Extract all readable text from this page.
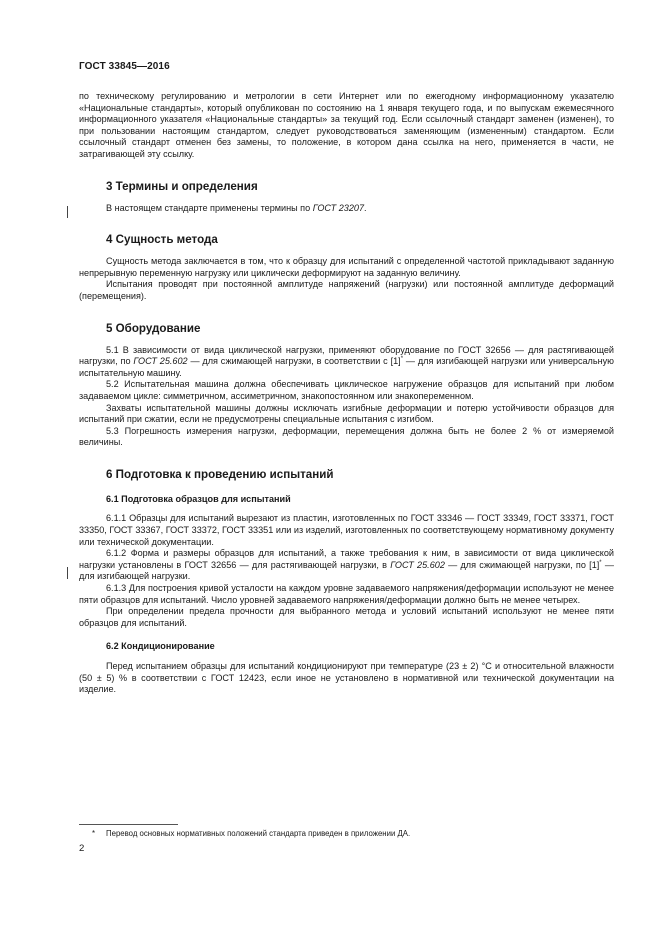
ГОСТ 33845—2016

по техническому регулированию и метрологии в сети Интернет или по ежегодному информационному указателю «Национальные стандарты», который опубликован по состоянию на 1 января текущего года, и по выпускам ежемесячного информационного указателя «Национальные стандарты» за текущий год. Если ссылочный стандарт заменен (изменен), то при пользовании настоящим стандартом, следует руководствоваться заменяющим (измененным) стандартом. Если ссылочный стандарт отменен без замены, то положение, в котором дана ссылка на него, применяется в части, не затрагивающей эту ссылку.

3 Термины и определения

В настоящем стандарте применены термины по ГОСТ 23207.

4 Сущность метода

Сущность метода заключается в том, что к образцу для испытаний с определенной частотой прикладывают заданную непрерывную переменную нагрузку или циклически деформируют на заданную величину.

Испытания проводят при постоянной амплитуде напряжений (нагрузки) или постоянной амплитуде деформаций (перемещения).

5 Оборудование

5.1 В зависимости от вида циклической нагрузки, применяют оборудование по ГОСТ 32656 — для растягивающей нагрузки, по ГОСТ 25.602 — для сжимающей нагрузки, в соответствии с [1]* — для изгибающей нагрузки или универсальную испытательную машину.

5.2 Испытательная машина должна обеспечивать циклическое нагружение образцов для испытаний при любом задаваемом цикле: симметричном, ассиметричном, знакопостоянном или знакопеременном.

Захваты испытательной машины должны исключать изгибные деформации и потерю устойчивости образцов для испытаний при сжатии, если не предусмотрены специальные испытания с изгибом.

5.3 Погрешность измерения нагрузки, деформации, перемещения должна быть не более 2 % от измеряемой величины.

6 Подготовка к проведению испытаний
6.1 Подготовка образцов для испытаний

6.1.1 Образцы для испытаний вырезают из пластин, изготовленных по ГОСТ 33346 — ГОСТ 33349, ГОСТ 33371, ГОСТ 33350, ГОСТ 33367, ГОСТ 33372, ГОСТ 33351 или из изделий, изготовленных по соответствующему нормативному документу или технической документации.

6.1.2 Форма и размеры образцов для испытаний, а также требования к ним, в зависимости от вида циклической нагрузки установлены в ГОСТ 32656 — для растягивающей нагрузки, в ГОСТ 25.602 — для сжимающей нагрузки, по [1]* — для изгибающей нагрузки.

6.1.3 Для построения кривой усталости на каждом уровне задаваемого напряжения/деформации используют не менее пяти образцов для испытаний. Число уровней задаваемого напряжения/деформации должно быть не менее четырех.

При определении предела прочности для выбранного метода и условий испытаний используют не менее пяти образцов для испытаний.

6.2 Кондиционирование

Перед испытанием образцы для испытаний кондиционируют при температуре (23 ± 2) °С и относительной влажности (50 ± 5) % в соответствии с ГОСТ 12423, если иное не установлено в нормативной или технической документации на изделие.

* Перевод основных нормативных положений стандарта приведен в приложении ДА.
2
